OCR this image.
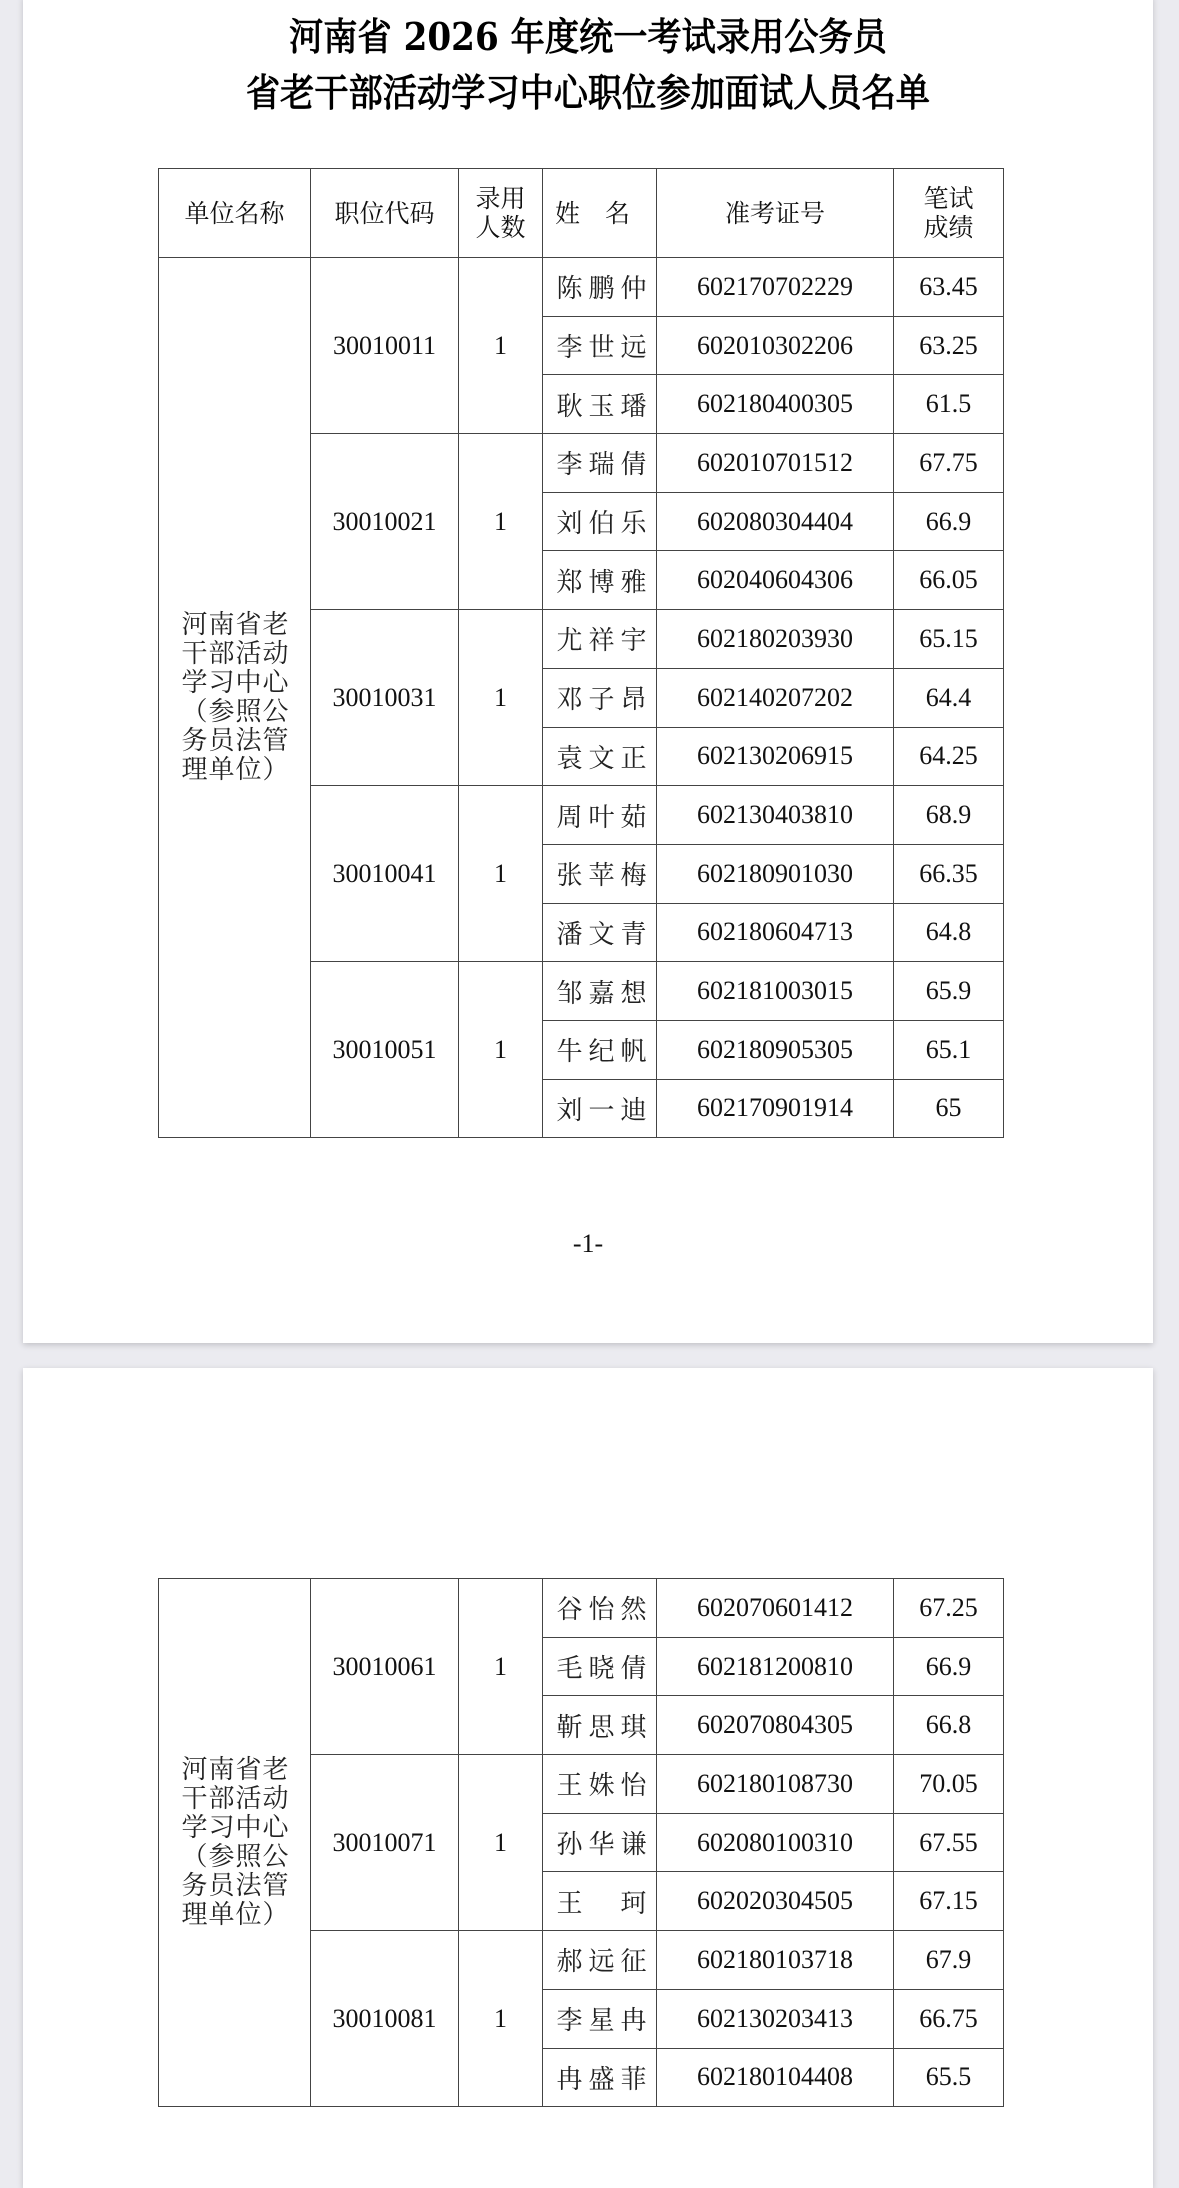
河南省 2026 年度统一考试录用公务员
省老干部活动学习中心职位参加面试人员名单
单位名称	职位代码	录用人数	姓　名	准考证号	笔试成绩
河南省老干部活动学习中心（参照公务员法管理单位）	30010011	1	陈鹏仲	602170702229	63.45
			李世远	602010302206	63.25
			耿玉璠	602180400305	61.5
	30010021	1	李瑞倩	602010701512	67.75
			刘伯乐	602080304404	66.9
			郑博雅	602040604306	66.05
	30010031	1	尤祥宇	602180203930	65.15
			邓子昂	602140207202	64.4
			袁文正	602130206915	64.25
	30010041	1	周叶茹	602130403810	68.9
			张苹梅	602180901030	66.35
			潘文青	602180604713	64.8
	30010051	1	邹嘉想	602181003015	65.9
			牛纪帆	602180905305	65.1
			刘一迪	602170901914	65
-1-
河南省老干部活动学习中心（参照公务员法管理单位）	30010061	1	谷怡然	602070601412	67.25
			毛晓倩	602181200810	66.9
			靳思琪	602070804305	66.8
	30010071	1	王姝怡	602180108730	70.05
			孙华谦	602080100310	67.55
			王　珂	602020304505	67.15
	30010081	1	郝远征	602180103718	67.9
			李星冉	602130203413	66.75
			冉盛菲	602180104408	65.5
